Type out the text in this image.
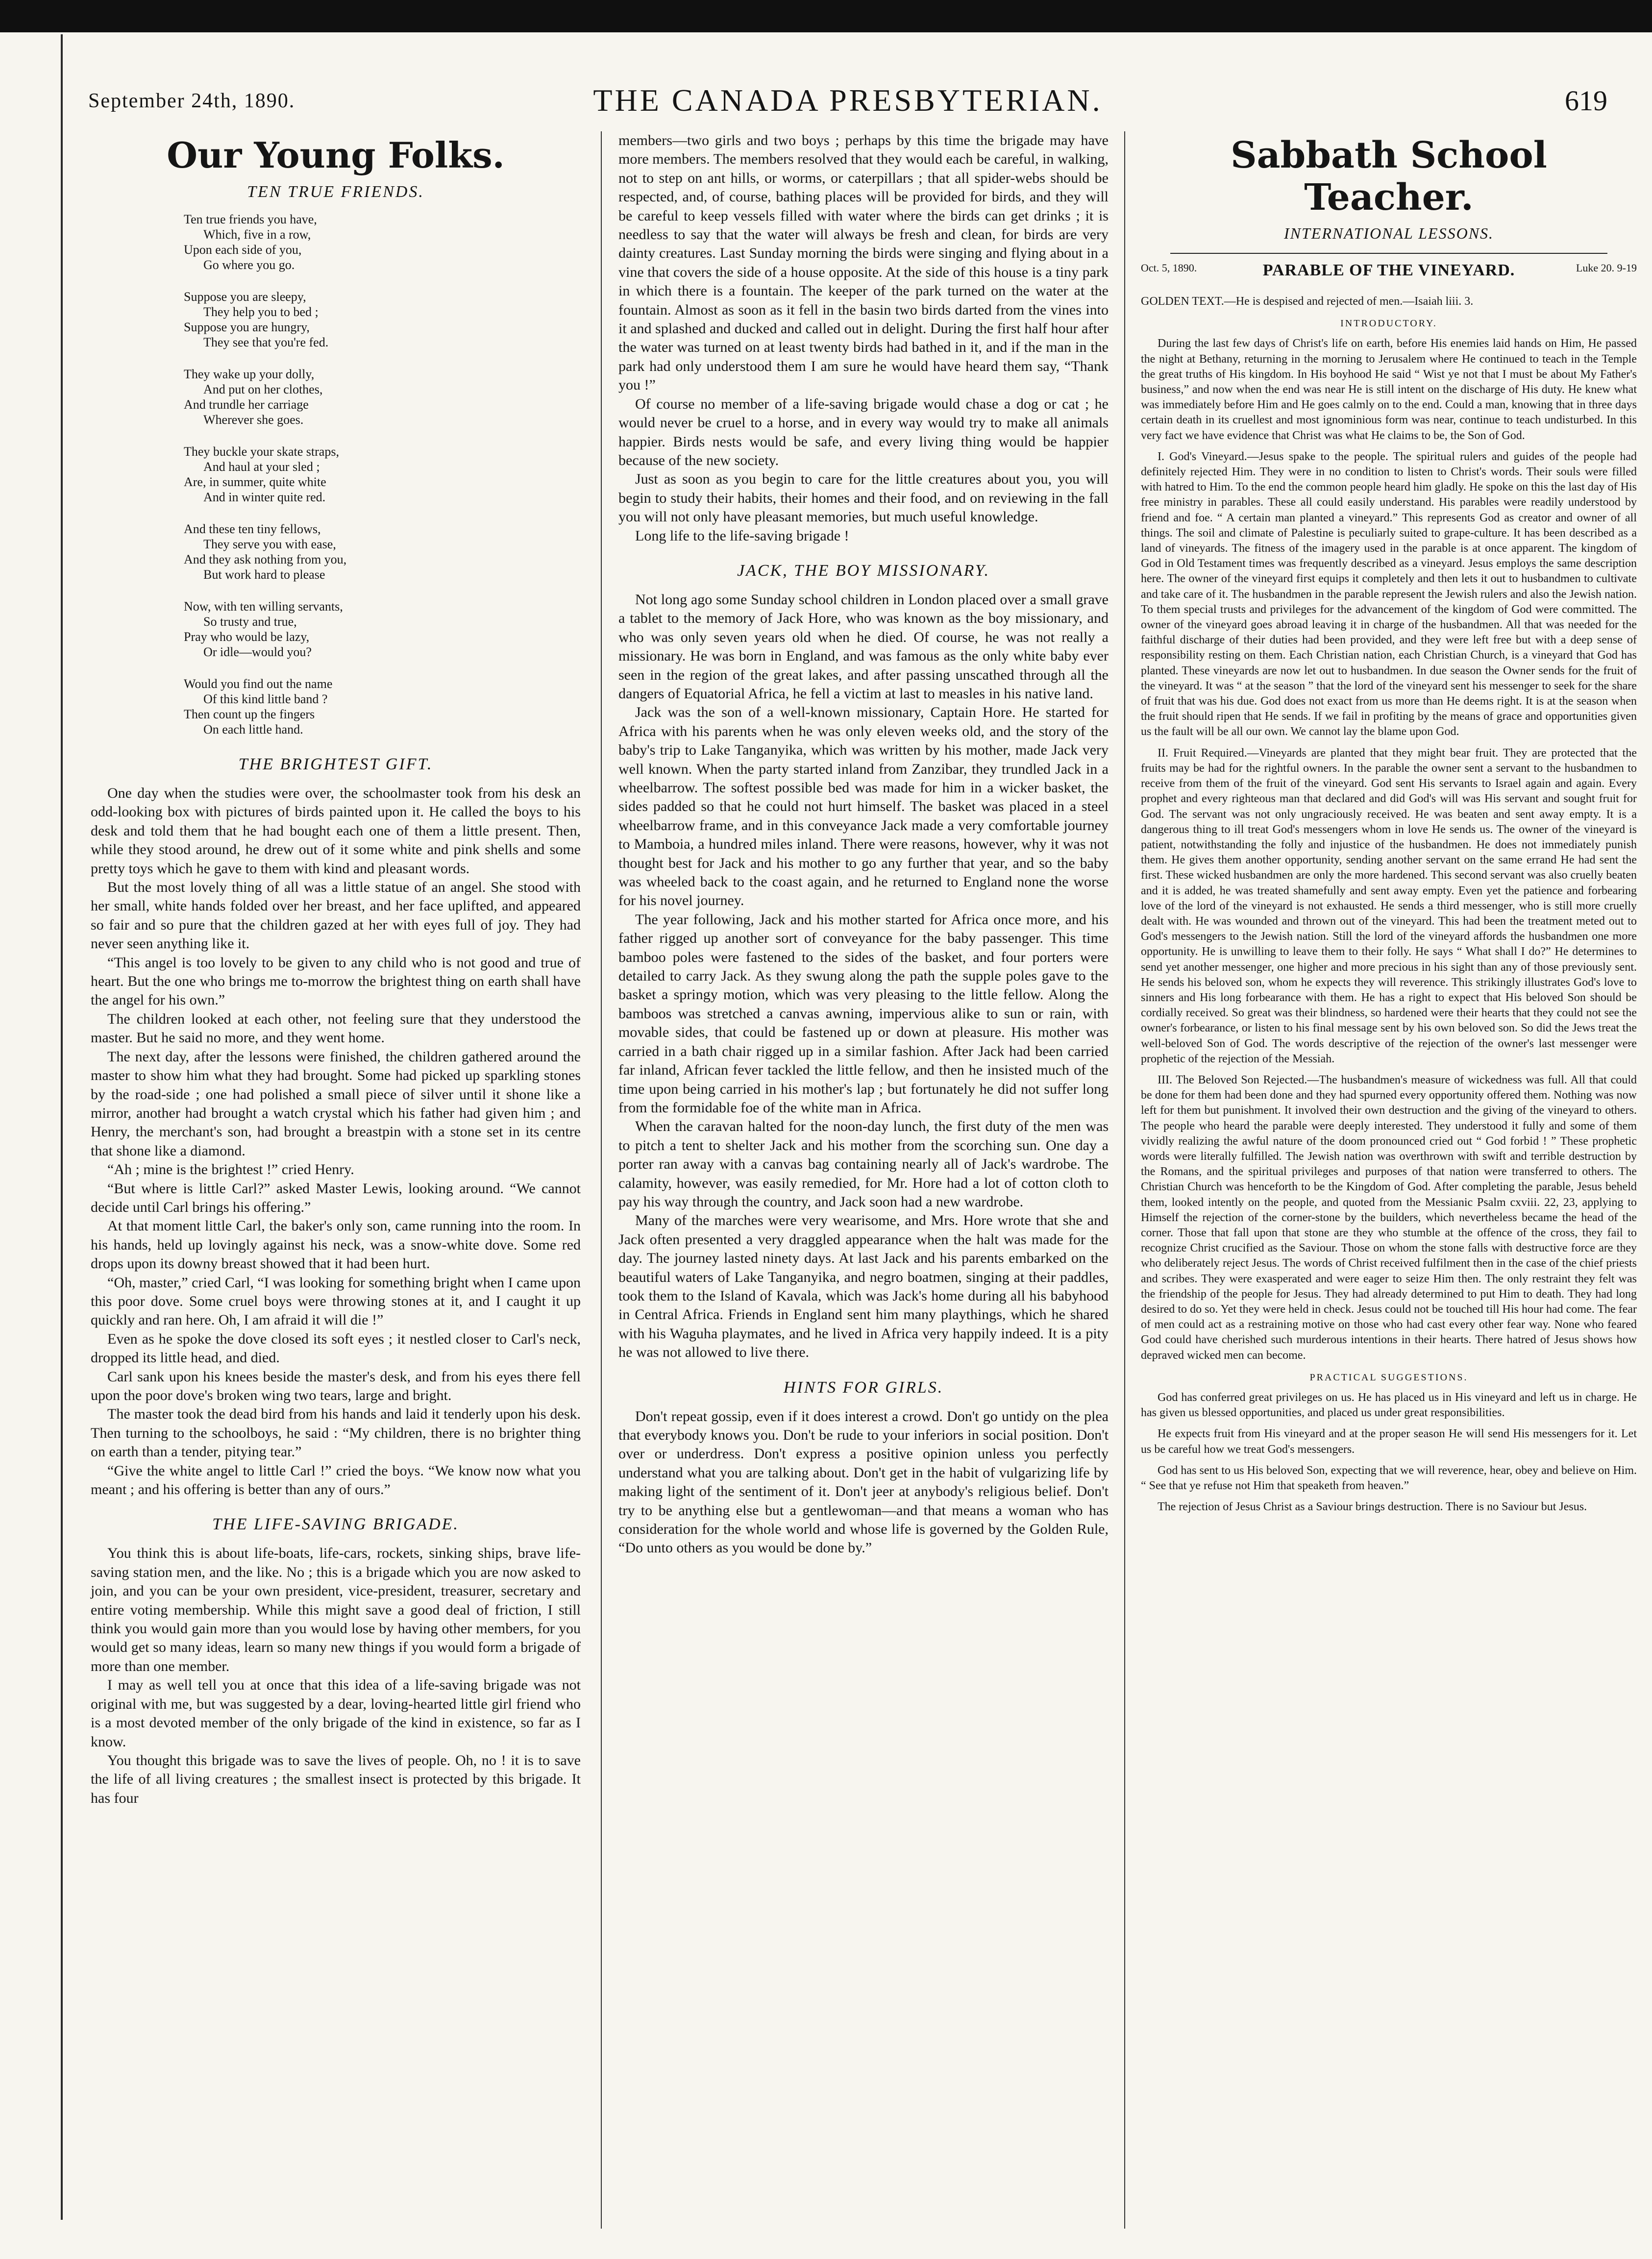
September 24th, 1890.	THE CANADA PRESBYTERIAN.	619
Our Young Folks.
TEN TRUE FRIENDS.
Ten true friends you have,
Which, five in a row,
Upon each side of you,
Go where you go.
Suppose you are sleepy,
They help you to bed ;
Suppose you are hungry,
They see that you're fed.
They wake up your dolly,
And put on her clothes,
And trundle her carriage
Wherever she goes.
They buckle your skate straps,
And haul at your sled ;
Are, in summer, quite white
And in winter quite red.
And these ten tiny fellows,
They serve you with ease,
And they ask nothing from you,
But work hard to please
Now, with ten willing servants,
So trusty and true,
Pray who would be lazy,
Or idle—would you?
Would you find out the name
Of this kind little band ?
Then count up the fingers
On each little hand.
THE BRIGHTEST GIFT.

One day when the studies were over, the schoolmaster took from his desk an odd-looking box with pictures of birds painted upon it. He called the boys to his desk and told them that he had bought each one of them a little present. Then, while they stood around, he drew out of it some white and pink shells and some pretty toys which he gave to them with kind and pleasant words.

But the most lovely thing of all was a little statue of an angel. She stood with her small, white hands folded over her breast, and her face uplifted, and appeared so fair and so pure that the children gazed at her with eyes full of joy. They had never seen anything like it.

“This angel is too lovely to be given to any child who is not good and true of heart. But the one who brings me to-morrow the brightest thing on earth shall have the angel for his own.”

The children looked at each other, not feeling sure that they understood the master. But he said no more, and they went home.

The next day, after the lessons were finished, the children gathered around the master to show him what they had brought. Some had picked up sparkling stones by the road-side ; one had polished a small piece of silver until it shone like a mirror, another had brought a watch crystal which his father had given him ; and Henry, the merchant's son, had brought a breastpin with a stone set in its centre that shone like a diamond.

“Ah ; mine is the brightest !” cried Henry.

“But where is little Carl?” asked Master Lewis, looking around. “We cannot decide until Carl brings his offering.”

At that moment little Carl, the baker's only son, came running into the room. In his hands, held up lovingly against his neck, was a snow-white dove. Some red drops upon its downy breast showed that it had been hurt.

“Oh, master,” cried Carl, “I was looking for something bright when I came upon this poor dove. Some cruel boys were throwing stones at it, and I caught it up quickly and ran here. Oh, I am afraid it will die !”

Even as he spoke the dove closed its soft eyes ; it nestled closer to Carl's neck, dropped its little head, and died.

Carl sank upon his knees beside the master's desk, and from his eyes there fell upon the poor dove's broken wing two tears, large and bright.

The master took the dead bird from his hands and laid it tenderly upon his desk. Then turning to the schoolboys, he said : “My children, there is no brighter thing on earth than a tender, pitying tear.”

“Give the white angel to little Carl !” cried the boys. “We know now what you meant ; and his offering is better than any of ours.”

THE LIFE-SAVING BRIGADE.

You think this is about life-boats, life-cars, rockets, sinking ships, brave life-saving station men, and the like. No ; this is a brigade which you are now asked to join, and you can be your own president, vice-president, treasurer, secretary and entire voting membership. While this might save a good deal of friction, I still think you would gain more than you would lose by having other members, for you would get so many ideas, learn so many new things if you would form a brigade of more than one member.

I may as well tell you at once that this idea of a life-saving brigade was not original with me, but was suggested by a dear, loving-hearted little girl friend who is a most devoted member of the only brigade of the kind in existence, so far as I know.

You thought this brigade was to save the lives of people. Oh, no ! it is to save the life of all living creatures ; the smallest insect is protected by this brigade. It has four

members—two girls and two boys ; perhaps by this time the brigade may have more members. The members resolved that they would each be careful, in walking, not to step on ant hills, or worms, or caterpillars ; that all spider-webs should be respected, and, of course, bathing places will be provided for birds, and they will be careful to keep vessels filled with water where the birds can get drinks ; it is needless to say that the water will always be fresh and clean, for birds are very dainty creatures. Last Sunday morning the birds were singing and flying about in a vine that covers the side of a house opposite. At the side of this house is a tiny park in which there is a fountain. The keeper of the park turned on the water at the fountain. Almost as soon as it fell in the basin two birds darted from the vines into it and splashed and ducked and called out in delight. During the first half hour after the water was turned on at least twenty birds had bathed in it, and if the man in the park had only understood them I am sure he would have heard them say, “Thank you !”

Of course no member of a life-saving brigade would chase a dog or cat ; he would never be cruel to a horse, and in every way would try to make all animals happier. Birds nests would be safe, and every living thing would be happier because of the new society.

Just as soon as you begin to care for the little creatures about you, you will begin to study their habits, their homes and their food, and on reviewing in the fall you will not only have pleasant memories, but much useful knowledge.

Long life to the life-saving brigade !

JACK, THE BOY MISSIONARY.

Not long ago some Sunday school children in London placed over a small grave a tablet to the memory of Jack Hore, who was known as the boy missionary, and who was only seven years old when he died. Of course, he was not really a missionary. He was born in England, and was famous as the only white baby ever seen in the region of the great lakes, and after passing unscathed through all the dangers of Equatorial Africa, he fell a victim at last to measles in his native land.

Jack was the son of a well-known missionary, Captain Hore. He started for Africa with his parents when he was only eleven weeks old, and the story of the baby's trip to Lake Tanganyika, which was written by his mother, made Jack very well known. When the party started inland from Zanzibar, they trundled Jack in a wheelbarrow. The softest possible bed was made for him in a wicker basket, the sides padded so that he could not hurt himself. The basket was placed in a steel wheelbarrow frame, and in this conveyance Jack made a very comfortable journey to Mamboia, a hundred miles inland. There were reasons, however, why it was not thought best for Jack and his mother to go any further that year, and so the baby was wheeled back to the coast again, and he returned to England none the worse for his novel journey.

The year following, Jack and his mother started for Africa once more, and his father rigged up another sort of conveyance for the baby passenger. This time bamboo poles were fastened to the sides of the basket, and four porters were detailed to carry Jack. As they swung along the path the supple poles gave to the basket a springy motion, which was very pleasing to the little fellow. Along the bamboos was stretched a canvas awning, impervious alike to sun or rain, with movable sides, that could be fastened up or down at pleasure. His mother was carried in a bath chair rigged up in a similar fashion. After Jack had been carried far inland, African fever tackled the little fellow, and then he insisted much of the time upon being carried in his mother's lap ; but fortunately he did not suffer long from the formidable foe of the white man in Africa.

When the caravan halted for the noon-day lunch, the first duty of the men was to pitch a tent to shelter Jack and his mother from the scorching sun. One day a porter ran away with a canvas bag containing nearly all of Jack's wardrobe. The calamity, however, was easily remedied, for Mr. Hore had a lot of cotton cloth to pay his way through the country, and Jack soon had a new wardrobe.

Many of the marches were very wearisome, and Mrs. Hore wrote that she and Jack often presented a very draggled appearance when the halt was made for the day. The journey lasted ninety days. At last Jack and his parents embarked on the beautiful waters of Lake Tanganyika, and negro boatmen, singing at their paddles, took them to the Island of Kavala, which was Jack's home during all his babyhood in Central Africa. Friends in England sent him many playthings, which he shared with his Waguha playmates, and he lived in Africa very happily indeed. It is a pity he was not allowed to live there.

HINTS FOR GIRLS.

Don't repeat gossip, even if it does interest a crowd. Don't go untidy on the plea that everybody knows you. Don't be rude to your inferiors in social position. Don't over or underdress. Don't express a positive opinion unless you perfectly understand what you are talking about. Don't get in the habit of vulgarizing life by making light of the sentiment of it. Don't jeer at anybody's religious belief. Don't try to be anything else but a gentlewoman—and that means a woman who has consideration for the whole world and whose life is governed by the Golden Rule, “Do unto others as you would be done by.”

Sabbath School Teacher.
INTERNATIONAL LESSONS.
Oct. 5, 1890.	PARABLE OF THE VINEYARD.	Luke 20. 9-19

GOLDEN TEXT.—He is despised and rejected of men.—Isaiah liii. 3.

INTRODUCTORY.

During the last few days of Christ's life on earth, before His enemies laid hands on Him, He passed the night at Bethany, returning in the morning to Jerusalem where He continued to teach in the Temple the great truths of His kingdom. In His boyhood He said “ Wist ye not that I must be about My Father's business,” and now when the end was near He is still intent on the discharge of His duty. He knew what was immediately before Him and He goes calmly on to the end. Could a man, knowing that in three days certain death in its cruellest and most ignominious form was near, continue to teach undisturbed. In this very fact we have evidence that Christ was what He claims to be, the Son of God.

I. God's Vineyard.—Jesus spake to the people. The spiritual rulers and guides of the people had definitely rejected Him. They were in no condition to listen to Christ's words. Their souls were filled with hatred to Him. To the end the common people heard him gladly. He spoke on this the last day of His free ministry in parables. These all could easily understand. His parables were readily understood by friend and foe. “ A certain man planted a vineyard.” This represents God as creator and owner of all things. The soil and climate of Palestine is peculiarly suited to grape-culture. It has been described as a land of vineyards. The fitness of the imagery used in the parable is at once apparent. The kingdom of God in Old Testament times was frequently described as a vineyard. Jesus employs the same description here. The owner of the vineyard first equips it completely and then lets it out to husbandmen to cultivate and take care of it. The husbandmen in the parable represent the Jewish rulers and also the Jewish nation. To them special trusts and privileges for the advancement of the kingdom of God were committed. The owner of the vineyard goes abroad leaving it in charge of the husbandmen. All that was needed for the faithful discharge of their duties had been provided, and they were left free but with a deep sense of responsibility resting on them. Each Christian nation, each Christian Church, is a vineyard that God has planted. These vineyards are now let out to husbandmen. In due season the Owner sends for the fruit of the vineyard. It was “ at the season ” that the lord of the vineyard sent his messenger to seek for the share of fruit that was his due. God does not exact from us more than He deems right. It is at the season when the fruit should ripen that He sends. If we fail in profiting by the means of grace and opportunities given us the fault will be all our own. We cannot lay the blame upon God.

II. Fruit Required.—Vineyards are planted that they might bear fruit. They are protected that the fruits may be had for the rightful owners. In the parable the owner sent a servant to the husbandmen to receive from them of the fruit of the vineyard. God sent His servants to Israel again and again. Every prophet and every righteous man that declared and did God's will was His servant and sought fruit for God. The servant was not only ungraciously received. He was beaten and sent away empty. It is a dangerous thing to ill treat God's messengers whom in love He sends us. The owner of the vineyard is patient, notwithstanding the folly and injustice of the husbandmen. He does not immediately punish them. He gives them another opportunity, sending another servant on the same errand He had sent the first. These wicked husbandmen are only the more hardened. This second servant was also cruelly beaten and it is added, he was treated shamefully and sent away empty. Even yet the patience and forbearing love of the lord of the vineyard is not exhausted. He sends a third messenger, who is still more cruelly dealt with. He was wounded and thrown out of the vineyard. This had been the treatment meted out to God's messengers to the Jewish nation. Still the lord of the vineyard affords the husbandmen one more opportunity. He is unwilling to leave them to their folly. He says “ What shall I do?” He determines to send yet another messenger, one higher and more precious in his sight than any of those previously sent. He sends his beloved son, whom he expects they will reverence. This strikingly illustrates God's love to sinners and His long forbearance with them. He has a right to expect that His beloved Son should be cordially received. So great was their blindness, so hardened were their hearts that they could not see the owner's forbearance, or listen to his final message sent by his own beloved son. So did the Jews treat the well-beloved Son of God. The words descriptive of the rejection of the owner's last messenger were prophetic of the rejection of the Messiah.

III. The Beloved Son Rejected.—The husbandmen's measure of wickedness was full. All that could be done for them had been done and they had spurned every opportunity offered them. Nothing was now left for them but punishment. It involved their own destruction and the giving of the vineyard to others. The people who heard the parable were deeply interested. They understood it fully and some of them vividly realizing the awful nature of the doom pronounced cried out “ God forbid ! ” These prophetic words were literally fulfilled. The Jewish nation was overthrown with swift and terrible destruction by the Romans, and the spiritual privileges and purposes of that nation were transferred to others. The Christian Church was henceforth to be the Kingdom of God. After completing the parable, Jesus beheld them, looked intently on the people, and quoted from the Messianic Psalm cxviii. 22, 23, applying to Himself the rejection of the corner-stone by the builders, which nevertheless became the head of the corner. Those that fall upon that stone are they who stumble at the offence of the cross, they fail to recognize Christ crucified as the Saviour. Those on whom the stone falls with destructive force are they who deliberately reject Jesus. The words of Christ received fulfilment then in the case of the chief priests and scribes. They were exasperated and were eager to seize Him then. The only restraint they felt was the friendship of the people for Jesus. They had already determined to put Him to death. They had long desired to do so. Yet they were held in check. Jesus could not be touched till His hour had come. The fear of men could act as a restraining motive on those who had cast every other fear way. None who feared God could have cherished such murderous intentions in their hearts. There hatred of Jesus shows how depraved wicked men can become.

PRACTICAL SUGGESTIONS.

God has conferred great privileges on us. He has placed us in His vineyard and left us in charge. He has given us blessed opportunities, and placed us under great responsibilities.

He expects fruit from His vineyard and at the proper season He will send His messengers for it. Let us be careful how we treat God's messengers.

God has sent to us His beloved Son, expecting that we will reverence, hear, obey and believe on Him. “ See that ye refuse not Him that speaketh from heaven.”

The rejection of Jesus Christ as a Saviour brings destruction. There is no Saviour but Jesus.
